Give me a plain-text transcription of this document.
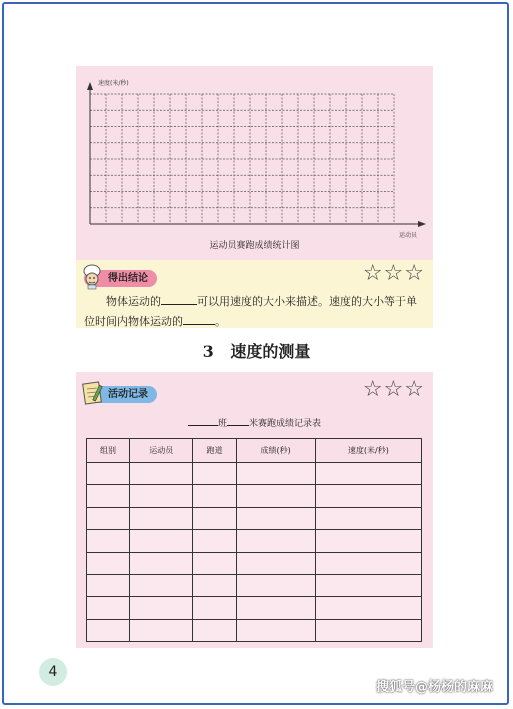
速度(米/秒)
运动员
运动员赛跑成绩统计图
得出结论	☆☆☆
物体运动的	可以用速度的大小来描述。速度的大小等于单位时间内物体运动的	。
3 速度的测量
活动记录	☆☆☆
班 米赛跑成绩记录表
组别	运动员	跑道	成绩(秒)	速度(米/秒)

4
搜狐号@杨杨的麻麻
